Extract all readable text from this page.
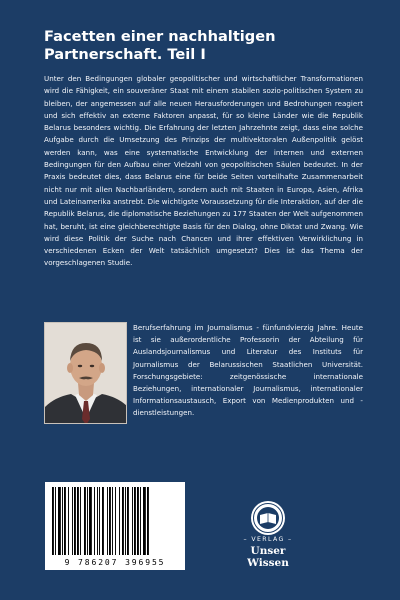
Facetten einer nachhaltigen Partnerschaft. Teil I

Unter den Bedingungen globaler geopolitischer und wirtschaftlicher Transformationen wird die Fähigkeit, ein souveräner Staat mit einem stabilen sozio-politischen System zu bleiben, der angemessen auf alle neuen Herausforderungen und Bedrohungen reagiert und sich effektiv an externe Faktoren anpasst, für so kleine Länder wie die Republik Belarus besonders wichtig. Die Erfahrung der letzten Jahrzehnte zeigt, dass eine solche Aufgabe durch die Umsetzung des Prinzips der multivektoralen Außenpolitik gelöst werden kann, was eine systematische Entwicklung der internen und externen Bedingungen für den Aufbau einer Vielzahl von geopolitischen Säulen bedeutet. In der Praxis bedeutet dies, dass Belarus eine für beide Seiten vorteilhafte Zusammenarbeit nicht nur mit allen Nachbarländern, sondern auch mit Staaten in Europa, Asien, Afrika und Lateinamerika anstrebt. Die wichtigste Voraussetzung für die Interaktion, auf der die Republik Belarus, die diplomatische Beziehungen zu 177 Staaten der Welt aufgenommen hat, beruht, ist eine gleichberechtigte Basis für den Dialog, ohne Diktat und Zwang. Wie wird diese Politik der Suche nach Chancen und ihrer effektiven Verwirklichung in verschiedenen Ecken der Welt tatsächlich umgesetzt? Dies ist das Thema der vorgeschlagenen Studie.

Berufserfahrung im Journalismus - fünfundvierzig Jahre. Heute ist sie außerordentliche Professorin der Abteilung für Auslandsjournalismus und Literatur des Instituts für Journalismus der Belarussischen Staatlichen Universität. Forschungsgebiete: zeitgenössische internationale Beziehungen, internationaler Journalismus, internationaler Informationsaustausch, Export von Medienprodukten und -dienstleistungen.

9 786207 396955
– VERLAG –
Unser Wissen
